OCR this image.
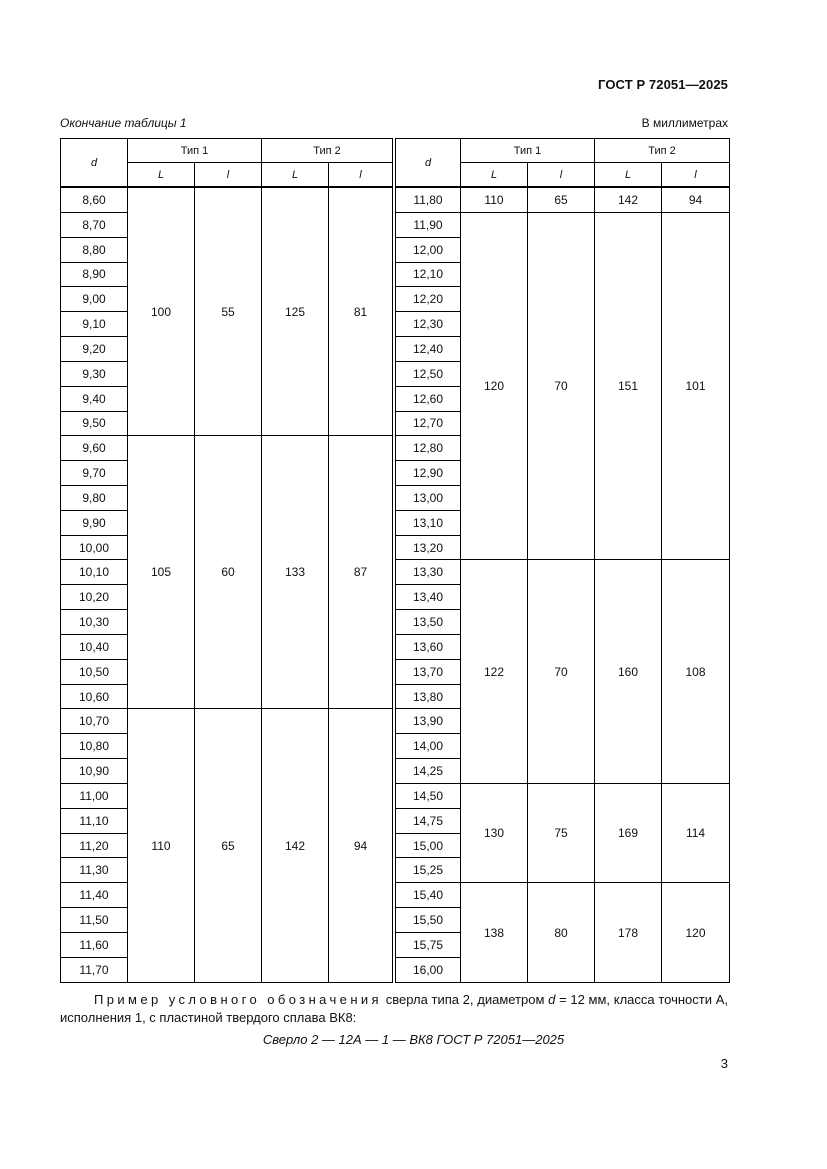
ГОСТ Р 72051—2025
Окончание таблицы 1	В миллиметрах
d	Тип 1		Тип 2	
	L	l	L	l
8,60	100	55	125	81
8,70				
8,80				
8,90				
9,00				
9,10				
9,20				
9,30				
9,40				
9,50				
9,60	105	60	133	87
9,70				
9,80				
9,90				
10,00				
10,10				
10,20				
10,30				
10,40				
10,50				
10,60				
10,70	110	65	142	94
10,80				
10,90				
11,00				
11,10				
11,20				
11,30				
11,40				
11,50				
11,60				
11,70				
d	Тип 1		Тип 2	
	L	l	L	l
11,80	110	65	142	94
11,90	120	70	151	101
12,00				
12,10				
12,20				
12,30				
12,40				
12,50				
12,60				
12,70				
12,80				
12,90				
13,00				
13,10				
13,20				
13,30	122	70	160	108
13,40				
13,50				
13,60				
13,70				
13,80				
13,90				
14,00				
14,25				
14,50	130	75	169	114
14,75				
15,00				
15,25				
15,40	138	80	178	120
15,50				
15,75				
16,00				

Пример условного обозначения сверла типа 2, диаметром d = 12 мм, класса точности А, исполнения 1, с пластиной твердого сплава ВК8:

Сверло 2 — 12А — 1 — ВК8 ГОСТ Р 72051—2025
3
